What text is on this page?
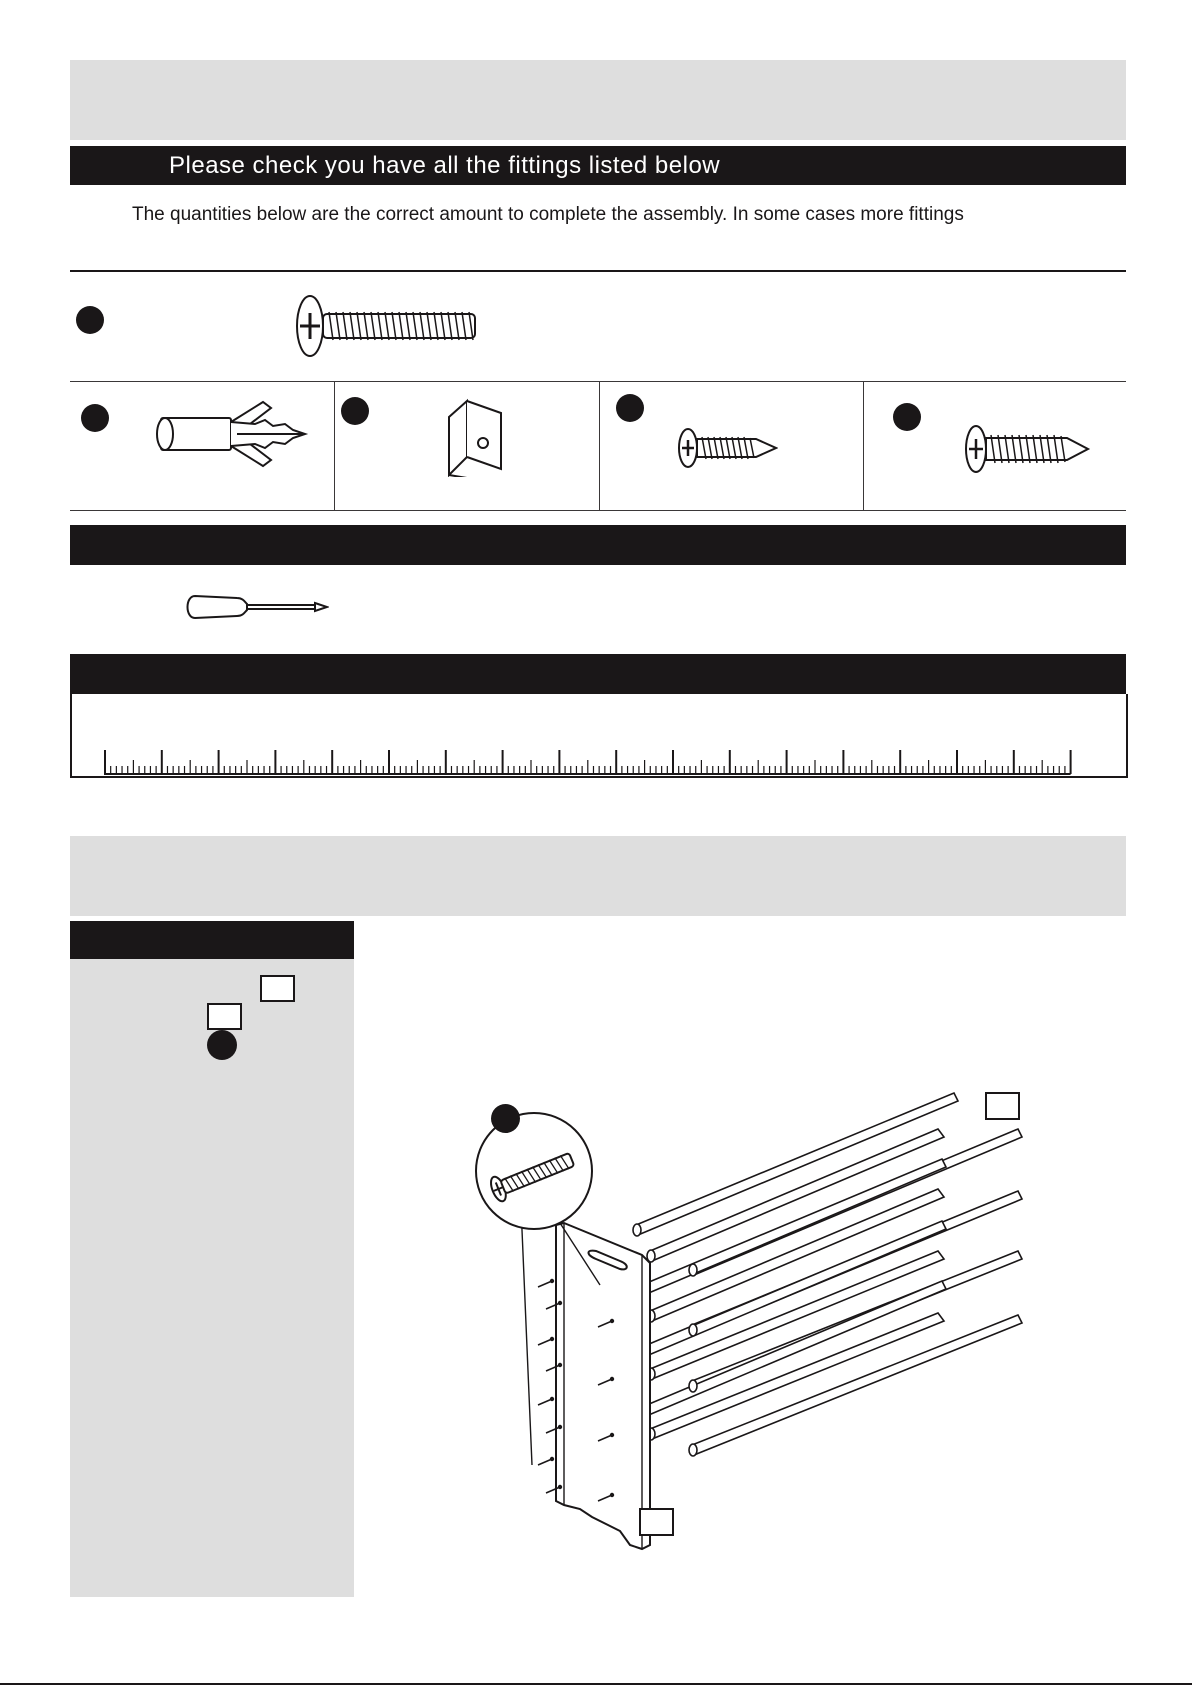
Please check you have all the fittings listed below
The quantities below are the correct amount to complete the assembly. In some cases more fittings
